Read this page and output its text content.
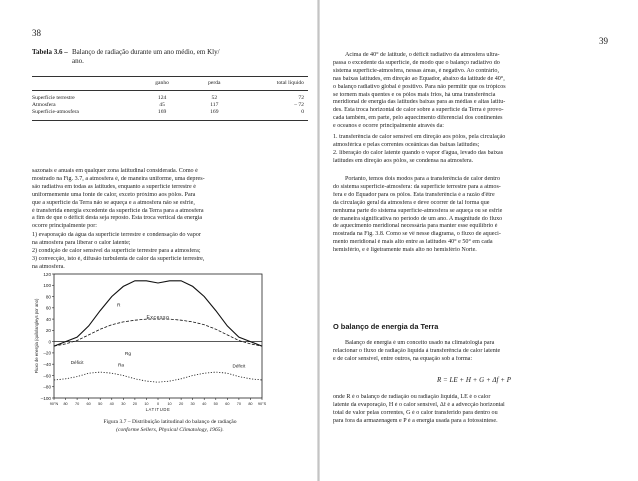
38
Tabela 3.6 – Balanço de radiação durante um ano médio, em Kly/
ano.
ganho	perda	total líquido
Superfície terrestre	124	52	72
Atmosfera	45	117	– 72
Superfície-atmosfera	169	169	0
sazonais e anuais em qualquer zona latitudinal considerada. Como é
mostrado na Fig. 3.7, a atmosfera é, de maneira uniforme, uma depres-
são radiativa em todas as latitudes, enquanto a superfície terrestre é
uniformemente uma fonte de calor, exceto próximo aos pólos. Para
que a superfície da Terra não se aqueça e a atmosfera não se esfrie,
é transferida energia excedente da superfície da Terra para a atmosfera
a fim de que o déficit desta seja reposto. Esta troca vertical da energia
ocorre principalmente por:
1) evaporação da água da superfície terrestre e condensação do vapor
na atmosfera para liberar o calor latente;
2) condição de calor sensível da superfície terrestre para a atmosfera;
3) convecção, isto é, difusão turbulenta de calor da superfície terrestre,
na atmosfera.
120
100
80
60
40
20
0
–20
–40
–60
–80
–100
90°N 80 70 60 50 40 30 20 10 0 10 20 30 40 50 60 70 80 90°S
LATITUDE
Fluxo de energia (quilolangleys por ano)	Excesso
Déficit
Déficit
R
Ra
Rg
Figura 3.7 – Distribuição latitudinal do balanço de radiação
(conforme Sellers, Physical Climatology, 1965).
39
Acima de 40° de latitude, o déficit radiativo da atmosfera ultra-
passa o excedente da superfície, de modo que o balanço radiativo do
sistema superfície-atmosfera, nessas áreas, é negativo. Ao contrário,
nas baixas latitudes, em direção ao Equador, abaixo da latitude de 40°,
o balanço radiativo global é positivo. Para não permitir que os trópicos
se tornem mais quentes e os pólos mais frios, há uma transferência
meridional de energia das latitudes baixas para as médias e altas latitu-
des. Esta troca horizontal de calor sobre a superfície da Terra é provo-
cada também, em parte, pelo aquecimento diferencial dos continentes
e oceanos e ocorre principalmente através da:
1. transferência de calor sensível em direção aos pólos, pela circulação
atmosférica e pelas correntes oceânicas das baixas latitudes;
2. liberação do calor latente quando o vapor d'água, levado das baixas
latitudes em direção aos pólos, se condensa na atmosfera.
Portanto, temos dois modos para a transferência de calor dentro
do sistema superfície-atmosfera: da superfície terrestre para a atmos-
fera e do Equador para os pólos. Esta transferência é a razão d'être
da circulação geral da atmosfera e deve ocorrer de tal forma que
nenhuma parte do sistema superfície-atmosfera se aqueça ou se esfrie
de maneira significativa no período de um ano. A magnitude do fluxo
de aquecimento meridional necessária para manter esse equilíbrio é
mostrada na Fig. 3.8. Como se vê nesse diagrama, o fluxo de aqueci-
mento meridional é mais alto entre as latitudes 40° e 50° em cada
hemisfério, e é ligeiramente mais alto no hemisfério Norte.
O balanço de energia da Terra
Balanço de energia é um conceito usado na climatologia para
relacionar o fluxo de radiação líquida à transferência de calor latente
e de calor sensível, entre outros, na equação sob a forma:
R = LE + H + G + Δf + P
onde R é o balanço de radiação ou radiação líquida, LE é o calor
latente da evaporação, H é o calor sensível, Δf é a advecção horizontal
total de valor pelas correntes, G é o calor transferido para dentro ou
para fora da armazenagem e P é a energia usada para a fotossíntese.
